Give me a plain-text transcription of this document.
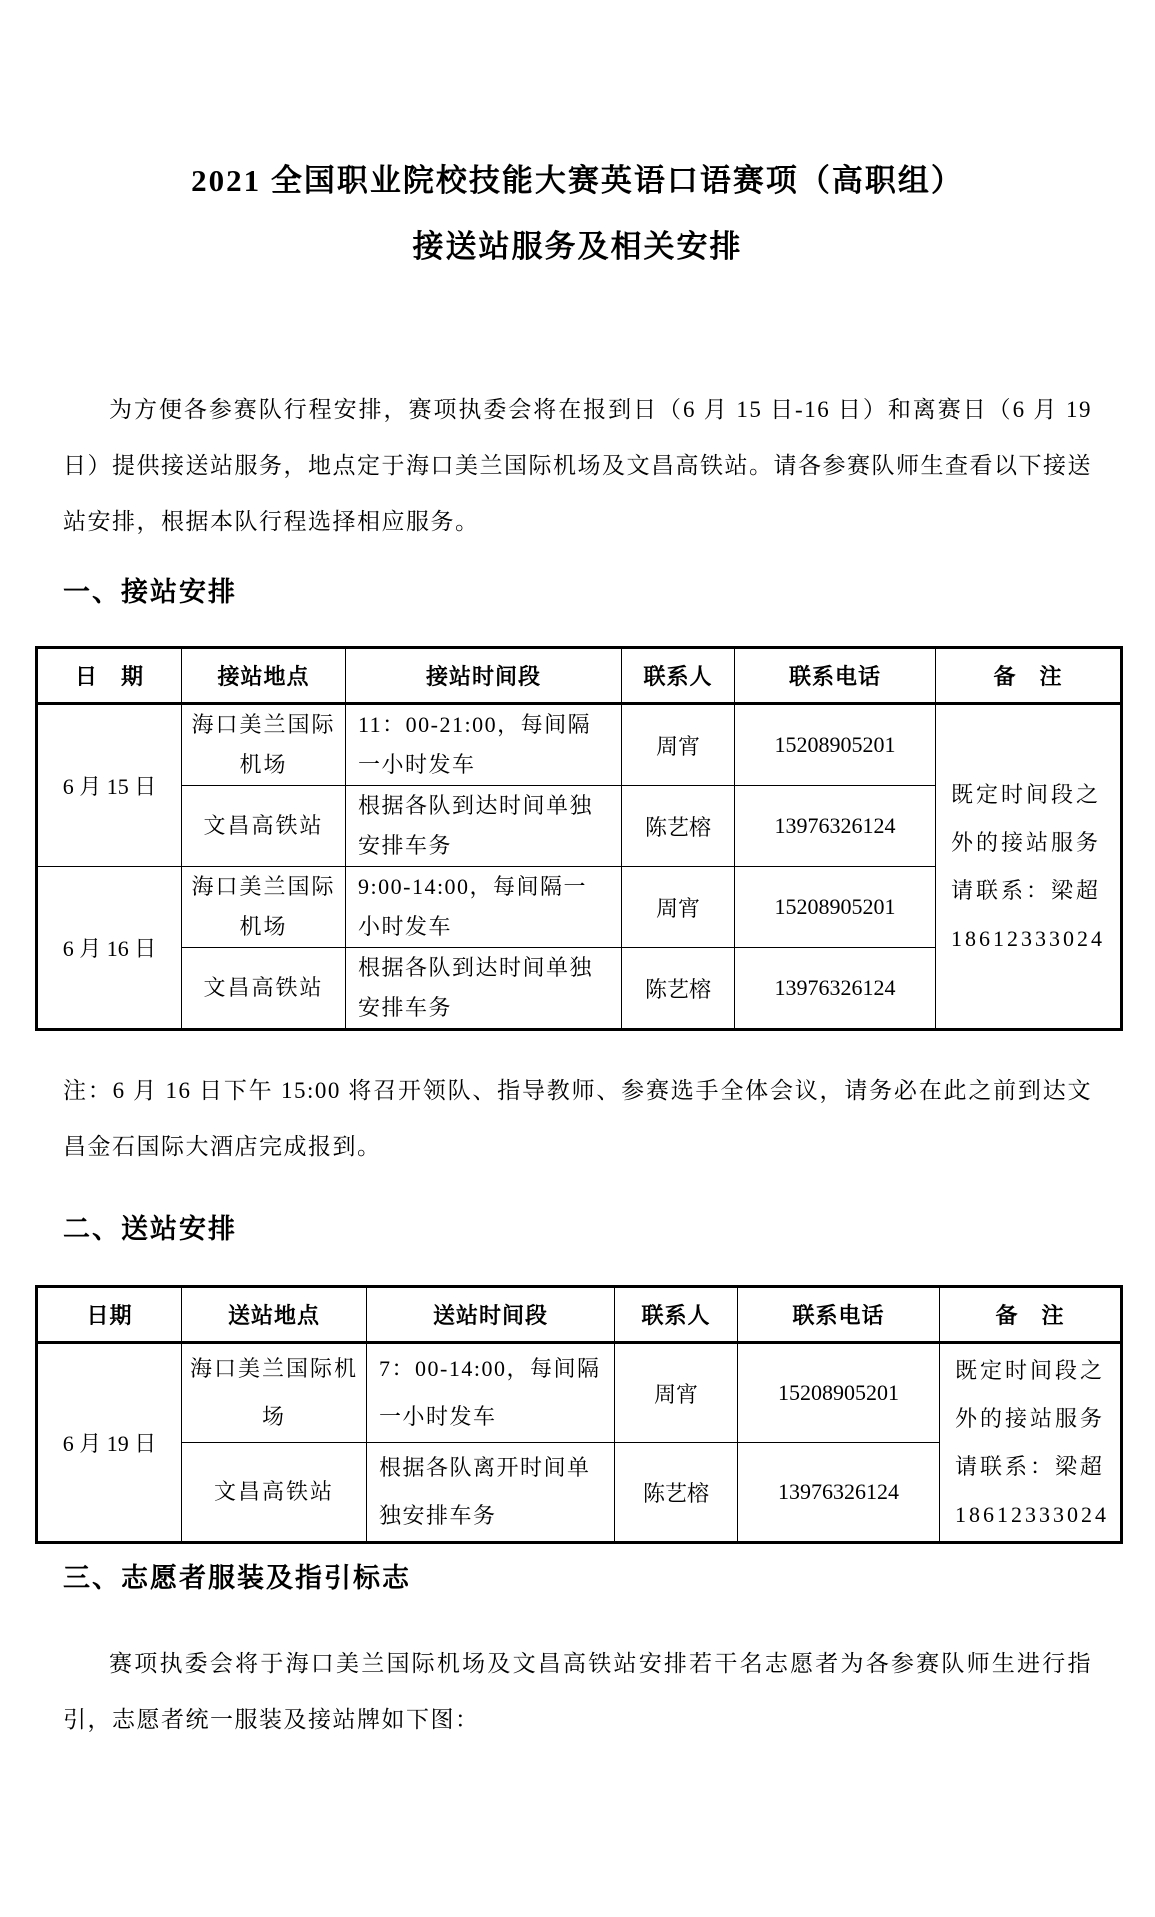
2021 全国职业院校技能大赛英语口语赛项（高职组）
接送站服务及相关安排

为方便各参赛队行程安排，赛项执委会将在报到日（6 月 15 日-16 日）和离赛日（6 月 19 日）提供接送站服务，地点定于海口美兰国际机场及文昌高铁站。请各参赛队师生查看以下接送站安排，根据本队行程选择相应服务。

一、接站安排
日　期	接站地点	接站时间段	联系人	联系电话	备　注
6 月 15 日	海口美兰国际机场	11：00-21:00，每间隔一小时发车	周宵	15208905201	既定时间段之外的接站服务请联系：梁超 18612333024
	文昌高铁站	根据各队到达时间单独安排车务	陈艺榕	13976326124	
6 月 16 日	海口美兰国际机场	9:00-14:00，每间隔一小时发车	周宵	15208905201	
	文昌高铁站	根据各队到达时间单独安排车务	陈艺榕	13976326124	

注：6 月 16 日下午 15:00 将召开领队、指导教师、参赛选手全体会议，请务必在此之前到达文昌金石国际大酒店完成报到。

二、送站安排
日期	送站地点	送站时间段	联系人	联系电话	备　注
6 月 19 日	海口美兰国际机场	7：00-14:00，每间隔一小时发车	周宵	15208905201	既定时间段之外的接站服务请联系：梁超 18612333024
	文昌高铁站	根据各队离开时间单独安排车务	陈艺榕	13976326124	
三、志愿者服装及指引标志

赛项执委会将于海口美兰国际机场及文昌高铁站安排若干名志愿者为各参赛队师生进行指引，志愿者统一服装及接站牌如下图：
